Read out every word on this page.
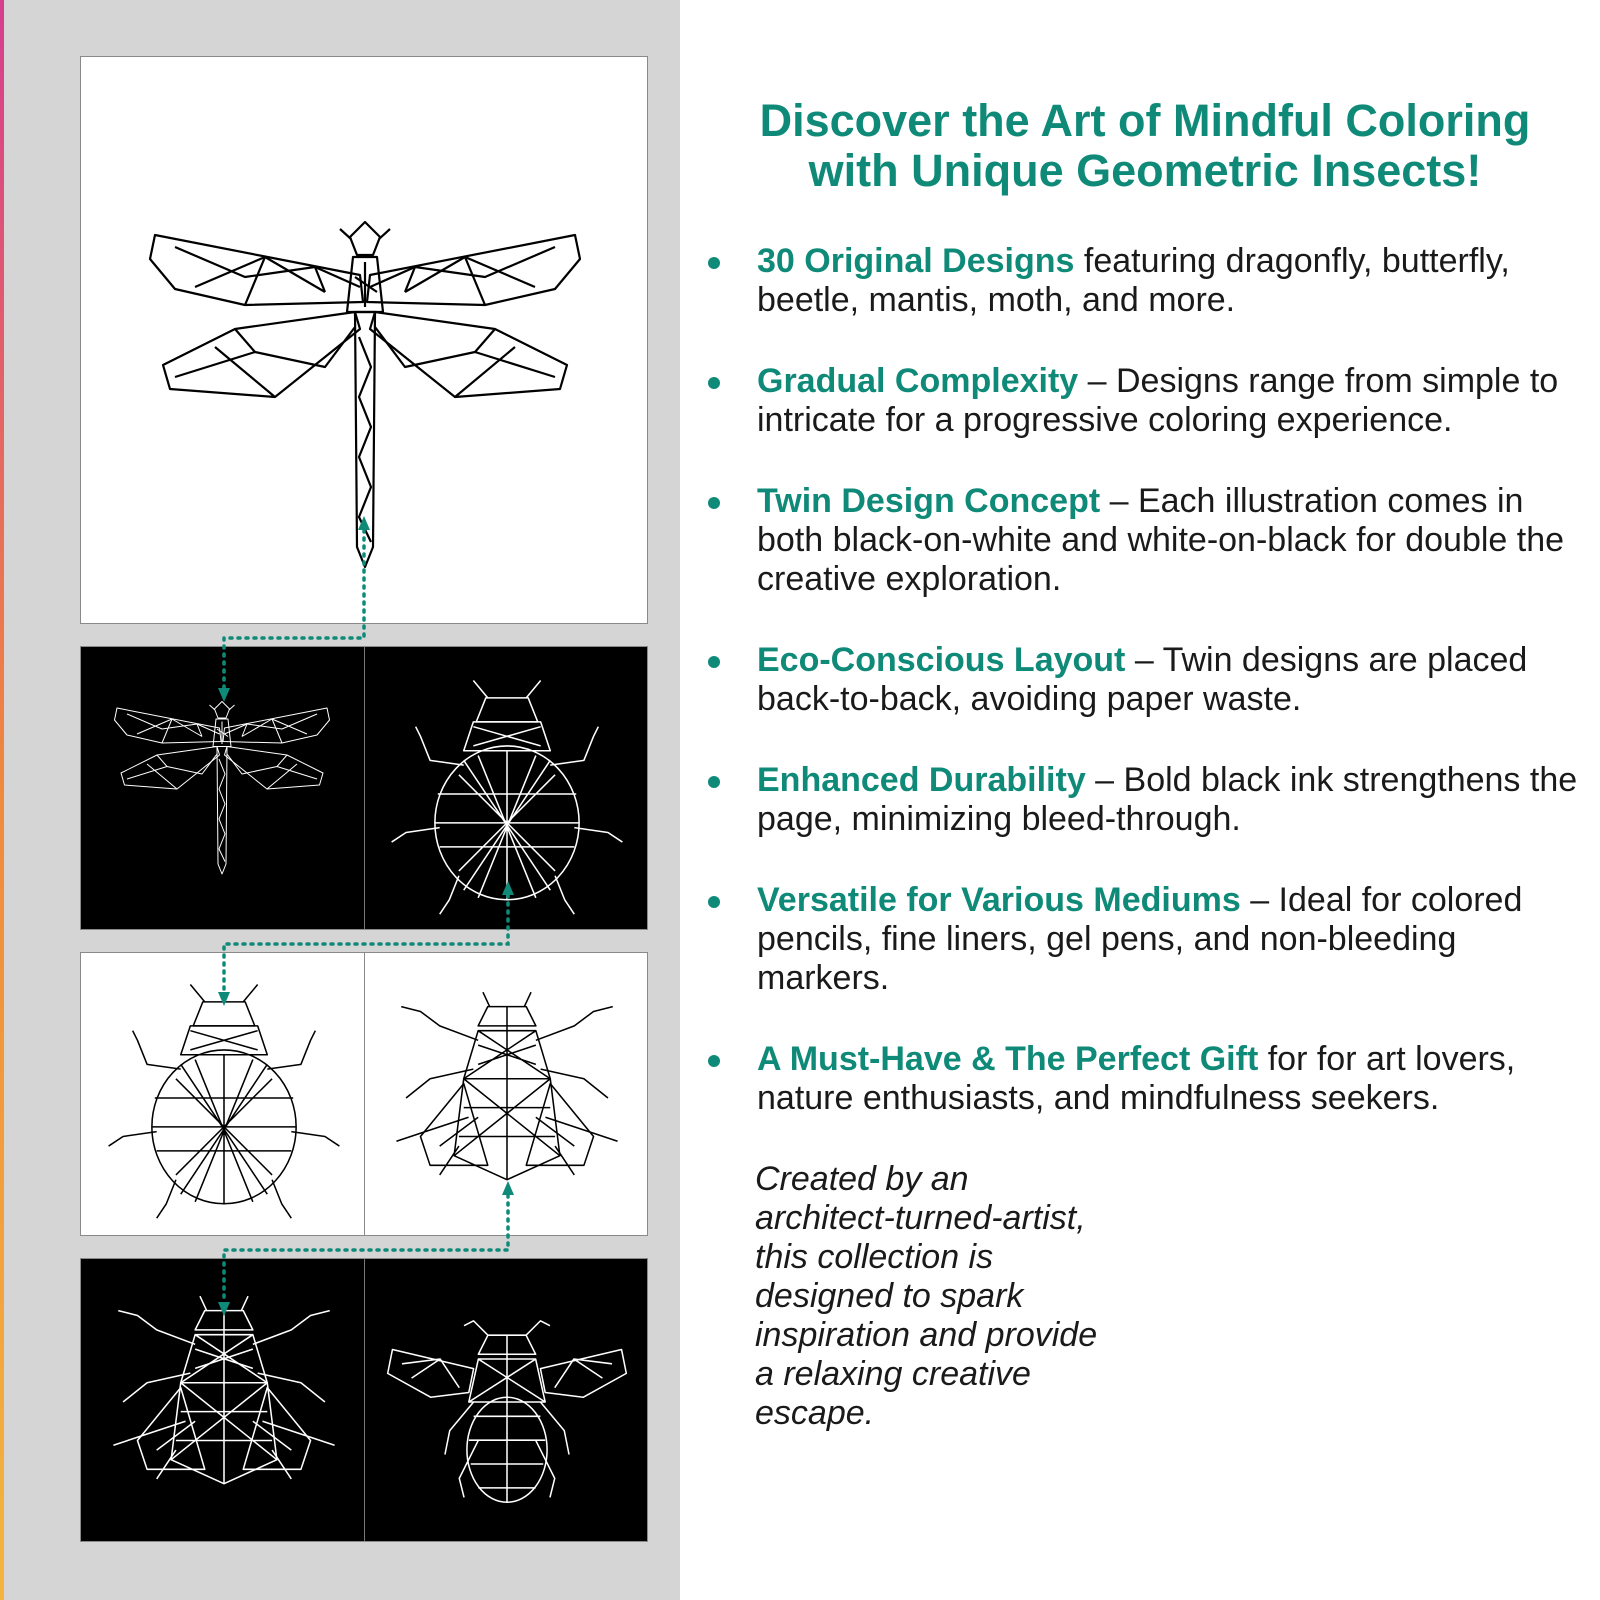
Discover the Art of Mindful Coloring
with Unique Geometric Insects!
30 Original Designs featuring dragonfly, butterfly, beetle, mantis, moth, and more.
Gradual Complexity – Designs range from simple to intricate for a progressive coloring experience.
Twin Design Concept – Each illustration comes in both black-on-white and white-on-black for double the creative exploration.
Eco-Conscious Layout – Twin designs are placed back-to-back, avoiding paper waste.
Enhanced Durability – Bold black ink strengthens the page, minimizing bleed-through.
Versatile for Various Mediums – Ideal for colored pencils, fine liners, gel pens, and non-bleeding markers.
A Must-Have & The Perfect Gift for for art lovers, nature enthusiasts, and mindfulness seekers.

Created by an architect-turned-artist, this collection is designed to spark inspiration and provide a relaxing creative escape.
